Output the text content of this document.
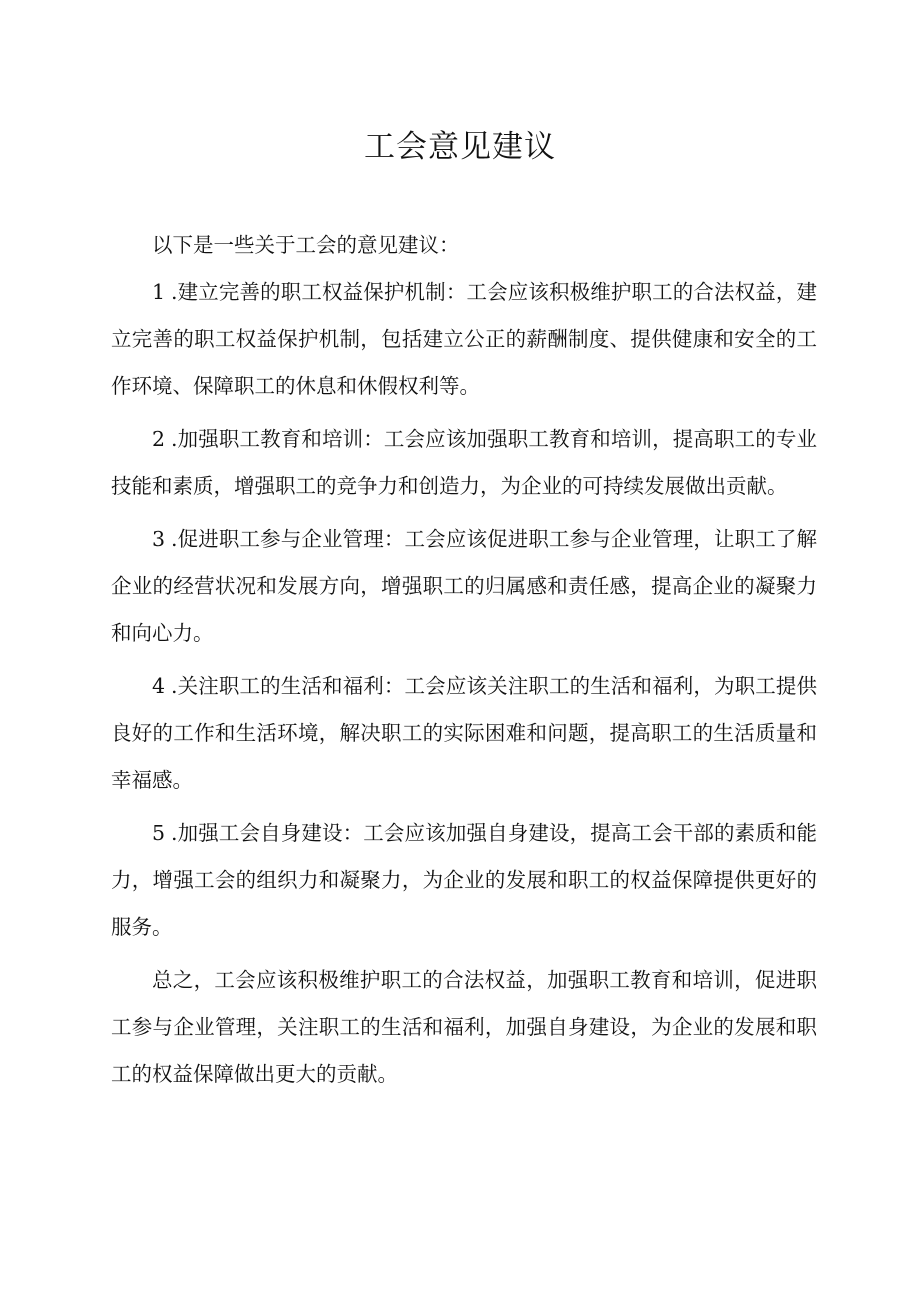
工会意见建议

以下是一些关于工会的意见建议：

1 .建立完善的职工权益保护机制：工会应该积极维护职工的合法权益，建立完善的职工权益保护机制，包括建立公正的薪酬制度、提供健康和安全的工作环境、保障职工的休息和休假权利等。

2 .加强职工教育和培训：工会应该加强职工教育和培训，提高职工的专业技能和素质，增强职工的竞争力和创造力，为企业的可持续发展做出贡献。

3 .促进职工参与企业管理：工会应该促进职工参与企业管理，让职工了解企业的经营状况和发展方向，增强职工的归属感和责任感，提高企业的凝聚力和向心力。

4 .关注职工的生活和福利：工会应该关注职工的生活和福利，为职工提供良好的工作和生活环境，解决职工的实际困难和问题，提高职工的生活质量和幸福感。

5 .加强工会自身建设：工会应该加强自身建设，提高工会干部的素质和能力，增强工会的组织力和凝聚力，为企业的发展和职工的权益保障提供更好的服务。

总之，工会应该积极维护职工的合法权益，加强职工教育和培训，促进职工参与企业管理，关注职工的生活和福利，加强自身建设，为企业的发展和职工的权益保障做出更大的贡献。
